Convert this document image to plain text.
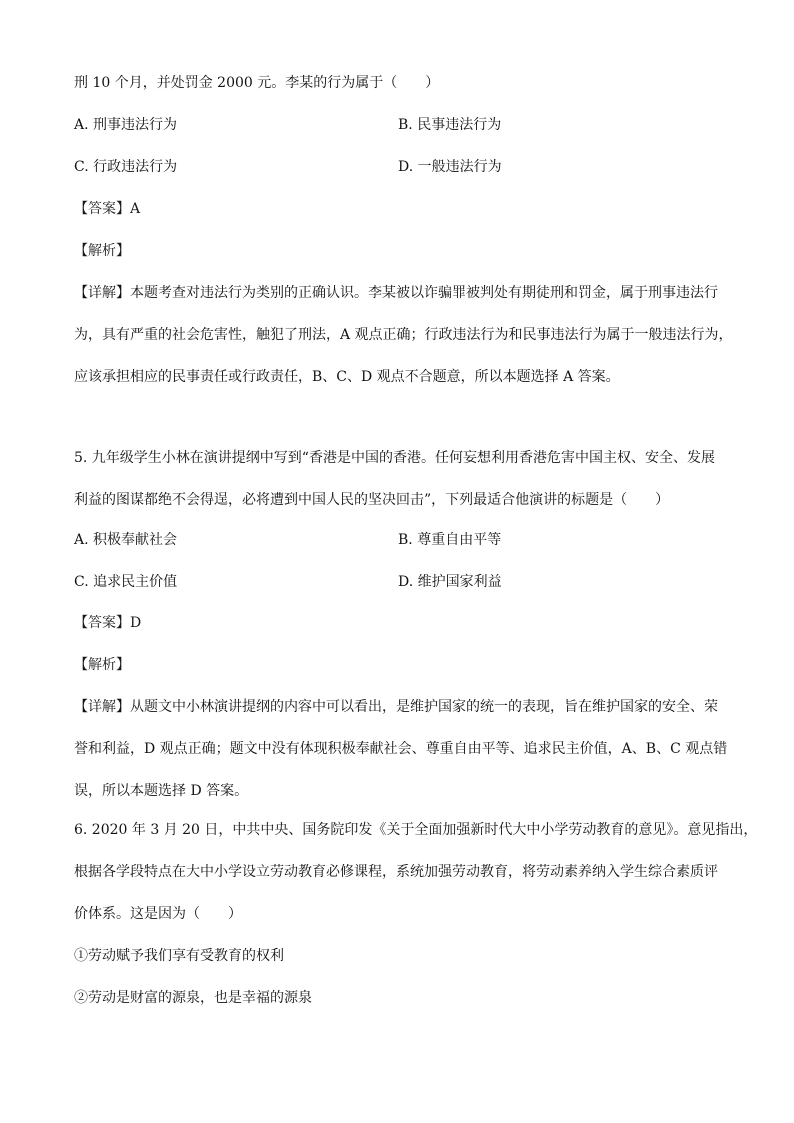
刑 10 个月，并处罚金 2000 元。李某的行为属于（　　）
A. 刑事违法行为	B. 民事违法行为
C. 行政违法行为	D. 一般违法行为
【答案】A
【解析】
【详解】本题考查对违法行为类别的正确认识。李某被以诈骗罪被判处有期徒刑和罚金，属于刑事违法行
为，具有严重的社会危害性，触犯了刑法，A 观点正确；行政违法行为和民事违法行为属于一般违法行为，
应该承担相应的民事责任或行政责任，B、C、D 观点不合题意，所以本题选择 A 答案。
5. 九年级学生小林在演讲提纲中写到“香港是中国的香港。任何妄想利用香港危害中国主权、安全、发展
利益的图谋都绝不会得逞，必将遭到中国人民的坚决回击”，下列最适合他演讲的标题是（　　）
A. 积极奉献社会	B. 尊重自由平等
C. 追求民主价值	D. 维护国家利益
【答案】D
【解析】
【详解】从题文中小林演讲提纲的内容中可以看出，是维护国家的统一的表现，旨在维护国家的安全、荣
誉和利益，D 观点正确；题文中没有体现积极奉献社会、尊重自由平等、追求民主价值，A、B、C 观点错
误，所以本题选择 D 答案。
6. 2020 年 3 月 20 日，中共中央、国务院印发《关于全面加强新时代大中小学劳动教育的意见》。意见指出，
根据各学段特点在大中小学设立劳动教育必修课程，系统加强劳动教育，将劳动素养纳入学生综合素质评
价体系。这是因为（　　）
①劳动赋予我们享有受教育的权利
②劳动是财富的源泉，也是幸福的源泉
